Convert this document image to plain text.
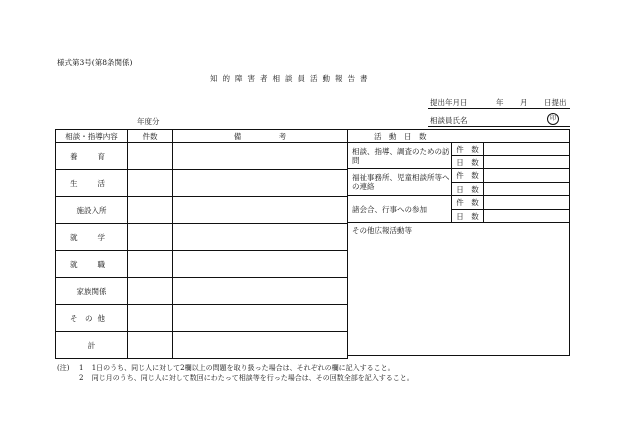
様式第3号(第8条関係)
知的障害者相談員活動報告書
提出年月日	年 月 日提出
相談員氏名	印
年度分
相談・指導内容	件数	備　　　　　考

養 育		

生 活		

施設入所		

就 学		

就 職		

家族関係		

そ　の 他		

計		
活　動　日　数		
相談、指導、調査のための訪問	件　数	
	日　数	
福祉事務所、児童相談所等への連絡	件　数	
	日　数	
諸会合、行事への参加	件　数	
	日　数	
その他広報活動等		
(注) 1 1日のうち、同じ人に対して2欄以上の問題を取り扱った場合は、それぞれの欄に記入すること。
2 同じ月のうち、同じ人に対して数回にわたって相談等を行った場合は、その回数全部を記入すること。
